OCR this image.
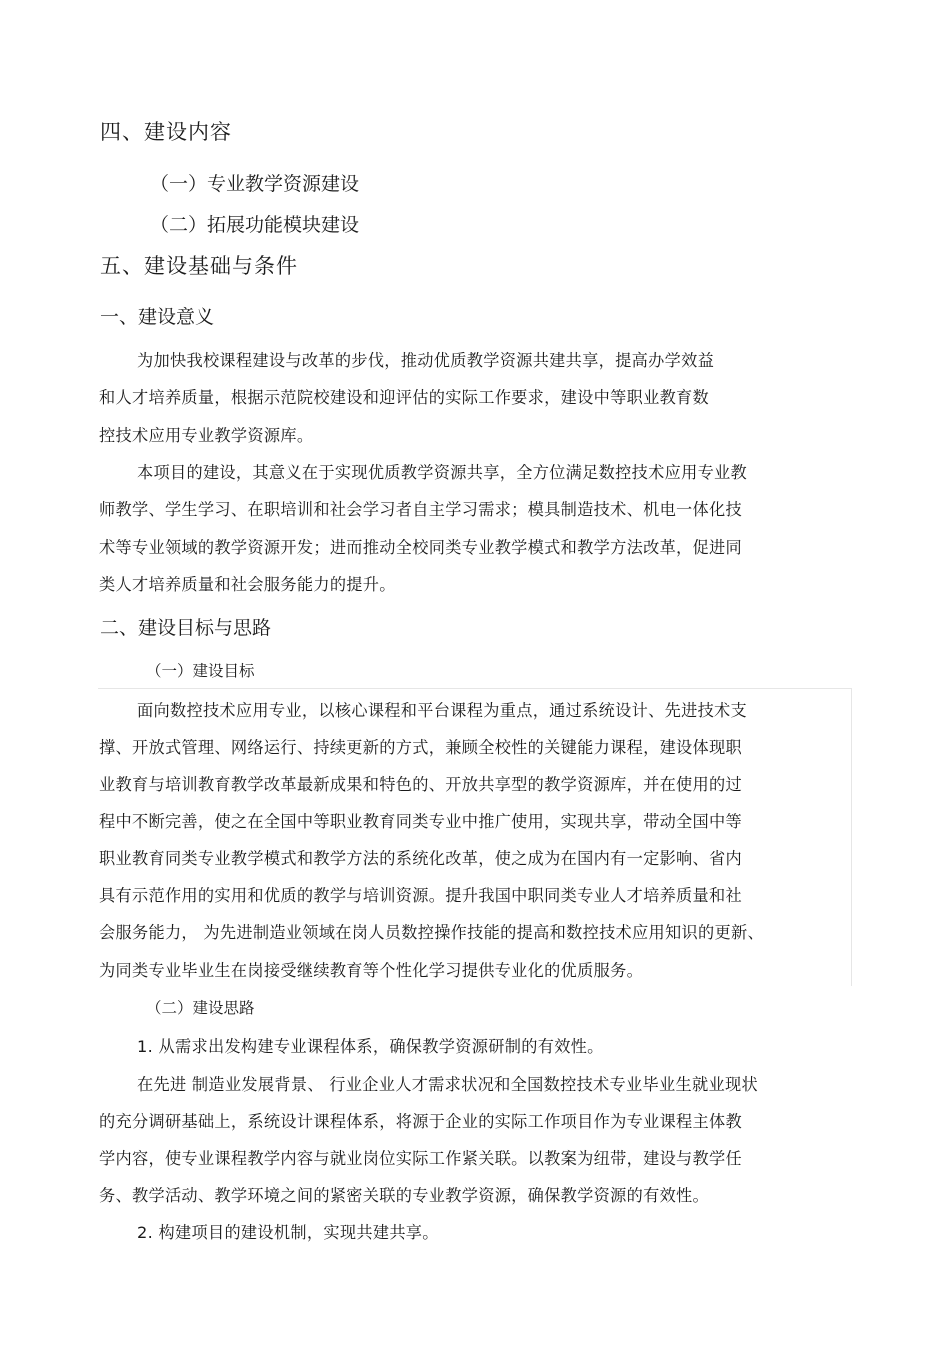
四、建设内容
（一）专业教学资源建设
（二）拓展功能模块建设
五、建设基础与条件
一、建设意义
为加快我校课程建设与改革的步伐，推动优质教学资源共建共享，提高办学效益
和人才培养质量，根据示范院校建设和迎评估的实际工作要求，建设中等职业教育数
控技术应用专业教学资源库。
本项目的建设，其意义在于实现优质教学资源共享，全方位满足数控技术应用专业教
师教学、学生学习、在职培训和社会学习者自主学习需求；模具制造技术、机电一体化技
术等专业领域的教学资源开发；进而推动全校同类专业教学模式和教学方法改革，促进同
类人才培养质量和社会服务能力的提升。
二、建设目标与思路
（一）建设目标
面向数控技术应用专业，以核心课程和平台课程为重点，通过系统设计、先进技术支
撑、开放式管理、网络运行、持续更新的方式，兼顾全校性的关键能力课程，建设体现职
业教育与培训教育教学改革最新成果和特色的、开放共享型的教学资源库，并在使用的过
程中不断完善，使之在全国中等职业教育同类专业中推广使用，实现共享，带动全国中等
职业教育同类专业教学模式和教学方法的系统化改革，使之成为在国内有一定影响、省内
具有示范作用的实用和优质的教学与培训资源。提升我国中职同类专业人才培养质量和社
会服务能力， 为先进制造业领域在岗人员数控操作技能的提高和数控技术应用知识的更新、
为同类专业毕业生在岗接受继续教育等个性化学习提供专业化的优质服务。
（二）建设思路
1. 从需求出发构建专业课程体系，确保教学资源研制的有效性。
在先进 制造业发展背景、 行业企业人才需求状况和全国数控技术专业毕业生就业现状
的充分调研基础上，系统设计课程体系，将源于企业的实际工作项目作为专业课程主体教
学内容，使专业课程教学内容与就业岗位实际工作紧关联。以教案为纽带，建设与教学任
务、教学活动、教学环境之间的紧密关联的专业教学资源，确保教学资源的有效性。
2. 构建项目的建设机制，实现共建共享。
